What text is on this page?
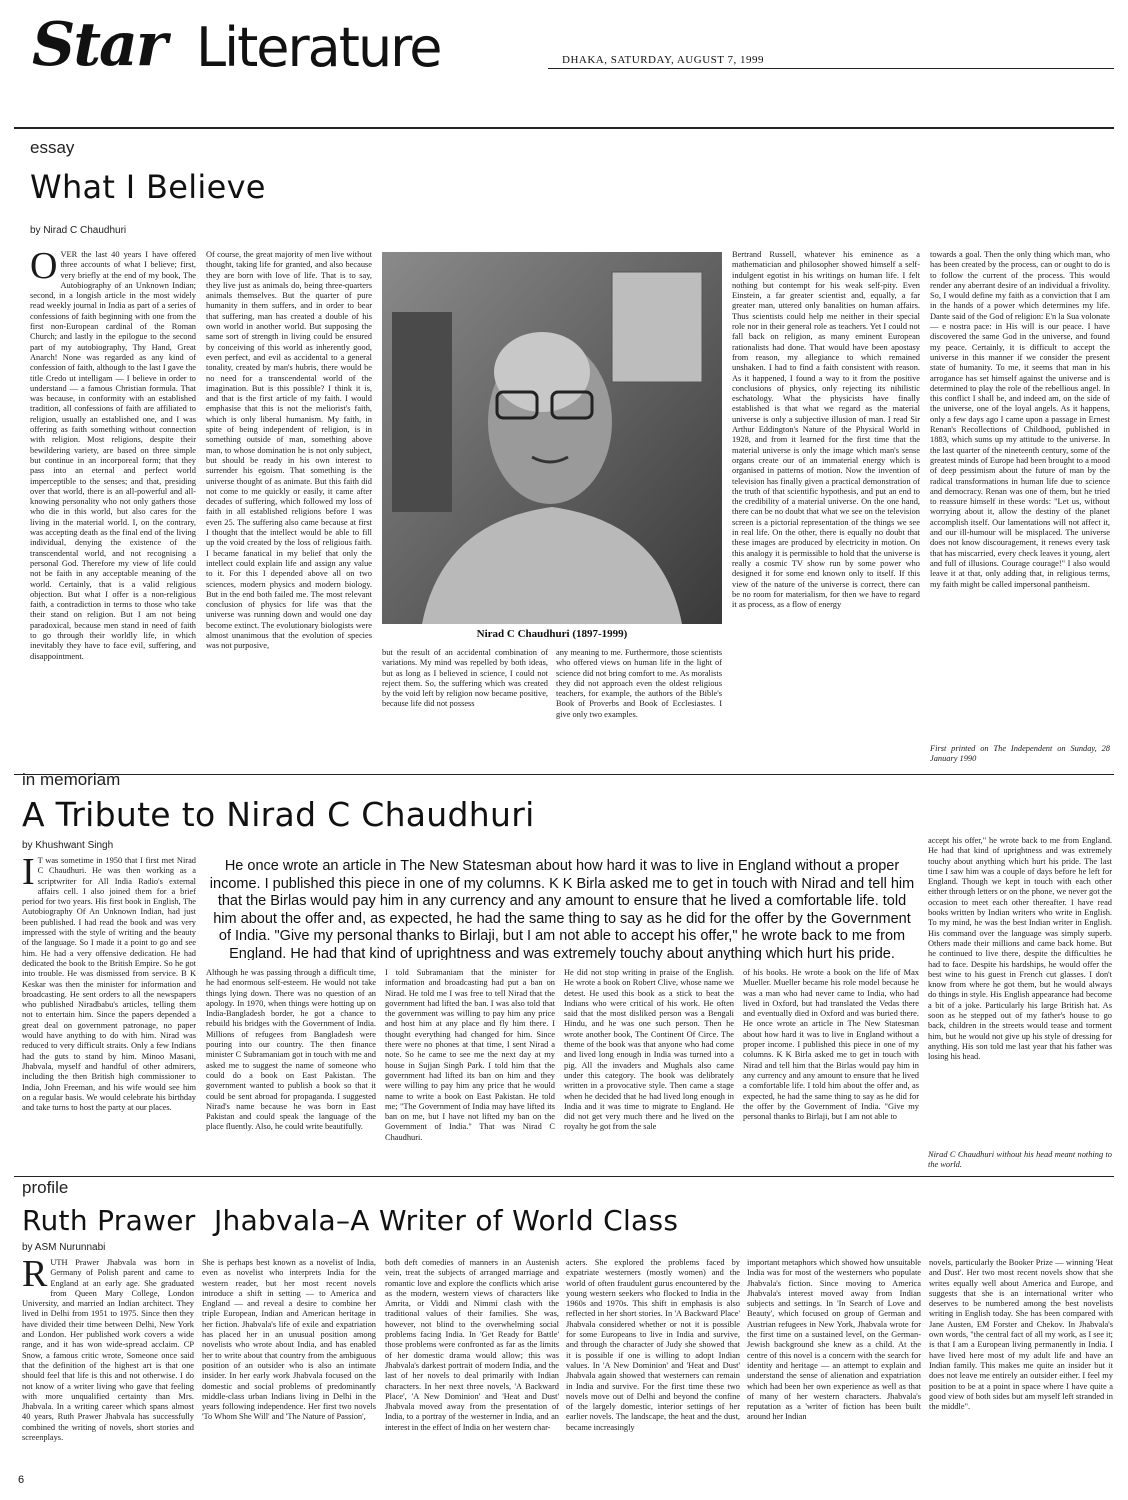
Star Literature	DHAKA, SATURDAY, AUGUST 7, 1999
essay
What I Believe
by Nirad C Chaudhuri
OVER the last 40 years I have offered three accounts of what I believe; first, very briefly at the end of my book, The Autobiography of an Unknown Indian; second, in a longish article in the most widely read weekly journal in India as part of a series of confessions of faith beginning with one from the first non-European cardinal of the Roman Church; and lastly in the epilogue to the second part of my autobiography, Thy Hand, Great Anarch! None was regarded as any kind of confession of faith, although to the last I gave the title Credo ut intelligam — I believe in order to understand — a famous Christian formula. That was because, in conformity with an established tradition, all confessions of faith are affiliated to religion, usually an established one, and I was offering as faith something without connection with religion. Most religions, despite their bewildering variety, are based on three simple but continue in an incorporeal form; that they pass into an eternal and perfect world imperceptible to the senses; and that, presiding over that world, there is an all-powerful and all-knowing personality who not only gathers those who die in this world, but also cares for the living in the material world. I, on the contrary, was accepting death as the final end of the living individual, denying the existence of the transcendental world, and not recognising a personal God. Therefore my view of life could not be faith in any acceptable meaning of the world. Certainly, that is a valid religious objection. But what I offer is a non-religious faith, a contradiction in terms to those who take their stand on religion. But I am not being paradoxical, because men stand in need of faith to go through their worldly life, in which inevitably they have to face evil, suffering, and disappointment.
Of course, the great majority of men live without thought, taking life for granted, and also because they are born with love of life. That is to say, they live just as animals do, being three-quarters animals themselves. But the quarter of pure humanity in them suffers, and in order to bear that suffering, man has created a double of his own world in another world. But supposing the same sort of strength in living could be ensured by conceiving of this world as inherently good, even perfect, and evil as accidental to a general tonality, created by man's hubris, there would be no need for a transcendental world of the imagination. But is this possible? I think it is, and that is the first article of my faith. I would emphasise that this is not the meliorist's faith, which is only liberal humanism. My faith, in spite of being independent of religion, is in something outside of man, something above man, to whose domination he is not only subject, but should be ready in his own interest to surrender his egoism. That something is the universe thought of as animate. But this faith did not come to me quickly or easily, it came after decades of suffering, which followed my loss of faith in all established religions before I was even 25. The suffering also came because at first I thought that the intellect would be able to fill up the void created by the loss of religious faith. I became fanatical in my belief that only the intellect could explain life and assign any value to it. For this I depended above all on two sciences, modern physics and modern biology. But in the end both failed me. The most relevant conclusion of physics for life was that the universe was running down and would one day become extinct. The evolutionary biologists were almost unanimous that the evolution of species was not purposive,
Nirad C Chaudhuri (1897-1999)
but the result of an accidental combination of variations. My mind was repelled by both ideas, but as long as I believed in science, I could not reject them. So, the suffering which was created by the void left by religion now became positive, because life did not possess
any meaning to me. Furthermore, those scientists who offered views on human life in the light of science did not bring comfort to me. As moralists they did not approach even the oldest religious teachers, for example, the authors of the Bible's Book of Proverbs and Book of Ecclesiastes. I give only two examples.
Bertrand Russell, whatever his eminence as a mathematician and philosopher showed himself a self-indulgent egotist in his writings on human life. I felt nothing but contempt for his weak self-pity. Even Einstein, a far greater scientist and, equally, a far greater man, uttered only banalities on human affairs. Thus scientists could help me neither in their special role nor in their general role as teachers. Yet I could not fall back on religion, as many eminent European rationalists had done. That would have been apostasy from reason, my allegiance to which remained unshaken. I had to find a faith consistent with reason. As it happened, I found a way to it from the positive conclusions of physics, only rejecting its nihilistic eschatology. What the physicists have finally established is that what we regard as the material universe is only a subjective illusion of man. I read Sir Arthur Eddington's Nature of the Physical World in 1928, and from it learned for the first time that the material universe is only the image which man's sense organs create our of an immaterial energy which is organised in patterns of motion. Now the invention of television has finally given a practical demonstration of the truth of that scientific hypothesis, and put an end to the credibility of a material universe. On the one hand, there can be no doubt that what we see on the television screen is a pictorial representation of the things we see in real life. On the other, there is equally no doubt that these images are produced by electricity in motion. On this analogy it is permissible to hold that the universe is really a cosmic TV show run by some power who designed it for some end known only to itself. If this view of the nature of the universe is correct, there can be no room for materialism, for then we have to regard it as process, as a flow of energy
towards a goal. Then the only thing which man, who has been created by the process, can or ought to do is to follow the current of the process. This would render any aberrant desire of an individual a frivolity. So, I would define my faith as a conviction that I am in the hands of a power which determines my life. Dante said of the God of religion: E'n la Sua volonate — e nostra pace: in His will is our peace. I have discovered the same God in the universe, and found my peace. Certainly, it is difficult to accept the universe in this manner if we consider the present state of humanity. To me, it seems that man in his arrogance has set himself against the universe and is determined to play the role of the rebellious angel. In this conflict I shall be, and indeed am, on the side of the universe, one of the loyal angels. As it happens, only a few days ago I came upon a passage in Ernest Renan's Recollections of Childhood, published in 1883, which sums up my attitude to the universe. In the last quarter of the nineteenth century, some of the greatest minds of Europe had been brought to a mood of deep pessimism about the future of man by the radical transformations in human life due to science and democracy. Renan was one of them, but he tried to reassure himself in these words: "Let us, without worrying about it, allow the destiny of the planet accomplish itself. Our lamentations will not affect it, and our ill-humour will be misplaced. The universe does not know discouragement, it renews every task that has miscarried, every check leaves it young, alert and full of illusions. Courage courage!" I also would leave it at that, only adding that, in religious terms, my faith might be called impersonal pantheism.
First printed on The Independent on Sunday, 28 January 1990
in memoriam
A Tribute to Nirad C Chaudhuri
by Khushwant Singh
I T was sometime in 1950 that I first met Nirad C Chaudhuri. He was then working as a scriptwriter for All India Radio's external affairs cell. I also joined them for a brief period for two years. His first book in English, The Autobiography Of An Unknown Indian, had just been published. I had read the book and was very impressed with the style of writing and the beauty of the language. So I made it a point to go and see him. He had a very offensive dedication. He had dedicated the book to the British Empire. So he got into trouble. He was dismissed from service. B K Keskar was then the minister for information and broadcasting. He sent orders to all the newspapers who published Niradbabu's articles, telling them not to entertain him. Since the papers depended a great deal on government patronage, no paper would have anything to do with him. Nirad was reduced to very difficult straits. Only a few Indians had the guts to stand by him. Minoo Masani, Jhabvala, myself and handful of other admirers, including the then British high commissioner to India, John Freeman, and his wife would see him on a regular basis. We would celebrate his birthday and take turns to host the party at our places.
He once wrote an article in The New Statesman about how hard it was to live in England without a proper income. I published this piece in one of my columns. K K Birla asked me to get in touch with Nirad and tell him that the Birlas would pay him in any currency and any amount to ensure that he lived a comfortable life. told him about the offer and, as expected, he had the same thing to say as he did for the offer by the Government of India. "Give my personal thanks to Birlaji, but I am not able to accept his offer," he wrote back to me from England. He had that kind of uprightness and was extremely touchy about anything which hurt his pride.
Although he was passing through a difficult time, he had enormous self-esteem. He would not take things lying down. There was no question of an apology. In 1970, when things were hotting up on India-Bangladesh border, he got a chance to rebuild his bridges with the Government of India. Millions of refugees from Bangladesh were pouring into our country. The then finance minister C Subramaniam got in touch with me and asked me to suggest the name of someone who could do a book on East Pakistan. The government wanted to publish a book so that it could be sent abroad for propaganda. I suggested Nirad's name because he was born in East Pakistan and could speak the language of the place fluently. Also, he could write beautifully.
I told Subramaniam that the minister for information and broadcasting had put a ban on Nirad. He told me I was free to tell Nirad that the government had lifted the ban. I was also told that the government was willing to pay him any price and host him at any place and fly him there. I thought everything had changed for him. Since there were no phones at that time, I sent Nirad a note. So he came to see me the next day at my house in Sujjan Singh Park. I told him that the government had lifted its ban on him and they were willing to pay him any price that he would name to write a book on East Pakistan. He told me; "The Government of India may have lifted its ban on me, but I have not lifted my ban on the Government of India." That was Nirad C Chaudhuri.
He did not stop writing in praise of the English. He wrote a book on Robert Clive, whose name we detest. He used this book as a stick to beat the Indians who were critical of his work. He often said that the most disliked person was a Bengali Hindu, and he was one such person. Then he wrote another book, The Continent Of Circe. The theme of the book was that anyone who had come and lived long enough in India was turned into a pig. All the invaders and Mughals also came under this category. The book was delibrately written in a provocative style. Then came a stage when he decided that he had lived long enough in India and it was time to migrate to England. He did not get very much there and he lived on the royalty he got from the sale
of his books. He wrote a book on the life of Max Mueller. Mueller became his role model because he was a man who had never came to India, who had lived in Oxford, but had translated the Vedas there and eventually died in Oxford and was buried there. He once wrote an article in The New Statesman about how hard it was to live in England without a proper income. I published this piece in one of my columns. K K Birla asked me to get in touch with Nirad and tell him that the Birlas would pay him in any currency and any amount to ensure that he lived a comfortable life. I told him about the offer and, as expected, he had the same thing to say as he did for the offer by the Government of India. "Give my personal thanks to Birlaji, but I am not able to
accept his offer," he wrote back to me from England. He had that kind of uprightness and was extremely touchy about anything which hurt his pride. The last time I saw him was a couple of days before he left for England. Though we kept in touch with each other either through letters or on the phone, we never got the occasion to meet each other thereafter. I have read books written by Indian writers who write in English. To my mind, he was the best Indian writer in English. His command over the language was simply superb. Others made their millions and came back home. But he continued to live there, despite the difficulties he had to face. Despite his hardships, he would offer the best wine to his guest in French cut glasses. I don't know from where he got them, but he would always do things in style. His English appearance had become a bit of a joke. Particularly his large British hat. As soon as he stepped out of my father's house to go back, children in the streets would tease and torment him, but he would not give up his style of dressing for anything. His son told me last year that his father was losing his head.
Nirad C Chaudhuri without his head meant nothing to the world.
profile
Ruth Prawer  Jhabvala–A Writer of World Class
by ASM Nurunnabi
RUTH Prawer Jhabvala was born in Germany of Polish parent and came to England at an early age. She graduated from Queen Mary College, London University, and married an Indian architect. They lived in Delhi from 1951 to 1975. Since then they have divided their time between Delhi, New York and London. Her published work covers a wide range, and it has won wide-spread acclaim. CP Snow, a famous critic wrote, Someone once said that the definition of the highest art is that one should feel that life is this and not otherwise. I do not know of a writer living who gave that feeling with more unqualified certainty than Mrs. Jhabvala. In a writing career which spans almost 40 years, Ruth Prawer Jhabvala has successfully combined the writing of novels, short stories and screenplays.
She is perhaps best known as a novelist of India, even as novelist who interprets India for the western reader, but her most recent novels introduce a shift in setting — to America and England — and reveal a desire to combine her triple European, Indian and American heritage in her fiction. Jhabvala's life of exile and expatriation has placed her in an unusual position among novelists who wrote about India, and has enabled her to write about that country from the ambiguous position of an outsider who is also an intimate insider. In her early work Jhabvala focused on the domestic and social problems of predominantly middle-class urban Indians living in Delhi in the years following independence. Her first two novels 'To Whom She Will' and 'The Nature of Passion',
both deft comedies of manners in an Austenish vein, treat the subjects of arranged marriage and romantic love and explore the conflicts which arise as the modern, western views of characters like Amrita, or Viddi and Nimmi clash with the traditional values of their families. She was, however, not blind to the overwhelming social problems facing India. In 'Get Ready for Battle' those problems were confronted as far as the limits of her domestic drama would allow; this was Jhabvala's darkest portrait of modern India, and the last of her novels to deal primarily with Indian characters. In her next three novels, 'A Backward Place', 'A New Dominion' and 'Heat and Dust' Jhabvala moved away from the presentation of India, to a portray of the westerner in India, and an interest in the effect of India on her western char-
acters. She explored the problems faced by expatriate westerners (mostly women) and the world of often fraudulent gurus encountered by the young western seekers who flocked to India in the 1960s and 1970s. This shift in emphasis is also reflected in her short stories. In 'A Backward Place' Jhabvala considered whether or not it is possible for some Europeans to live in India and survive, and through the character of Judy she showed that it is possible if one is willing to adopt Indian values. In 'A New Dominion' and 'Heat and Dust' Jhabvala again showed that westerners can remain in India and survive. For the first time these two novels move out of Delhi and beyond the confine of the largely domestic, interior settings of her earlier novels. The landscape, the heat and the dust, became increasingly
important metaphors which showed how unsuitable India was for most of the westerners who populate Jhabvala's fiction. Since moving to America Jhabvala's interest moved away from Indian subjects and settings. In 'In Search of Love and Beauty', which focused on group of German and Austrian refugees in New York, Jhabvala wrote for the first time on a sustained level, on the German-Jewish background she knew as a child. At the centre of this novel is a concern with the search for identity and heritage — an attempt to explain and understand the sense of alienation and expatriation which had been her own experience as well as that of many of her western characters. Jhabvala's reputation as a 'writer of fiction has been built around her Indian
novels, particularly the Booker Prize — winning 'Heat and Dust'. Her two most recent novels show that she writes equally well about America and Europe, and suggests that she is an international writer who deserves to be numbered among the best novelists writing in English today. She has been compared with Jane Austen, EM Forster and Chekov. In Jhabvala's own words, "the central fact of all my work, as I see it; is that I am a European living permanently in India. I have lived here most of my adult life and have an Indian family. This makes me quite an insider but it does not leave me entirely an outsider either. I feel my position to be at a point in space where I have quite a good view of both sides but am myself left stranded in the middle".
6
